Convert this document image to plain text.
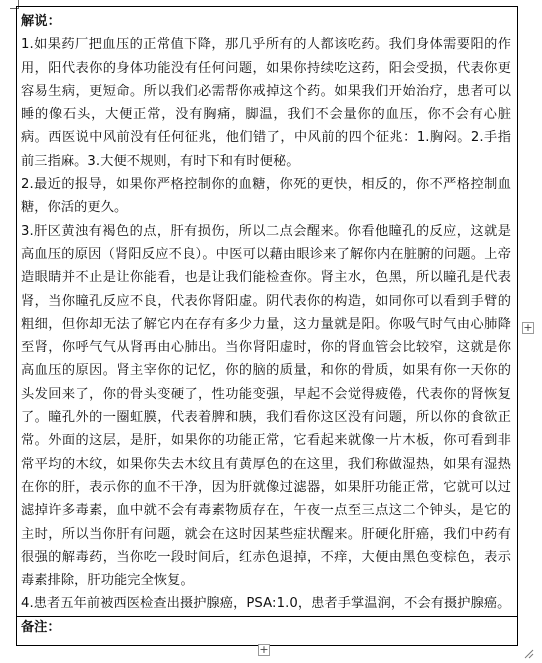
解说：

1.如果药厂把血压的正常值下降，那几乎所有的人都该吃药。我们身体需要阳的作用，阳代表你的身体功能没有任何问题，如果你持续吃这药，阳会受损，代表你更容易生病，更短命。所以我们必需帮你戒掉这个药。如果我们开始治疗，患者可以睡的像石头，大便正常，没有胸痛，脚温，我们不会量你的血压，你不会有心脏病。西医说中风前没有任何征兆，他们错了，中风前的四个征兆：1.胸闷。2.手指前三指麻。3.大便不规则，有时下和有时便秘。

2.最近的报导，如果你严格控制你的血糖，你死的更快，相反的，你不严格控制血糖，你活的更久。

3.肝区黄浊有褐色的点，肝有损伤，所以二点会醒来。你看他瞳孔的反应，这就是高血压的原因（肾阳反应不良）。中医可以藉由眼诊来了解你内在脏腑的问题。上帝造眼睛并不止是让你能看，也是让我们能检查你。肾主水，色黑，所以瞳孔是代表肾，当你瞳孔反应不良，代表你肾阳虚。阴代表你的构造，如同你可以看到手臂的粗细，但你却无法了解它内在存有多少力量，这力量就是阳。你吸气时气由心肺降至肾，你呼气气从肾再由心肺出。当你肾阳虚时，你的肾血管会比较窄，这就是你高血压的原因。肾主宰你的记忆，你的脑的质量，和你的骨质，如果有你一天你的头发回来了，你的骨头变硬了，性功能变强，早起不会觉得疲倦，代表你的肾恢复了。瞳孔外的一圈虹膜，代表着脾和胰，我们看你这区没有问题，所以你的食欲正常。外面的这层，是肝，如果你的功能正常，它看起来就像一片木板，你可看到非常平均的木纹，如果你失去木纹且有黄厚色的在这里，我们称做湿热，如果有湿热在你的肝，表示你的血不干净，因为肝就像过滤器，如果肝功能正常，它就可以过滤掉许多毒素，血中就不会有毒素物质存在，午夜一点至三点这二个钟头，是它的主时，所以当你肝有问题，就会在这时因某些症状醒来。肝硬化肝癌，我们中药有很强的解毒药，当你吃一段时间后，红赤色退掉，不痒，大便由黑色变棕色，表示毒素排除，肝功能完全恢复。

4.患者五年前被西医检查出摄护腺癌，PSA:1.0，患者手掌温润，不会有摄护腺癌。

备注：
+
+
